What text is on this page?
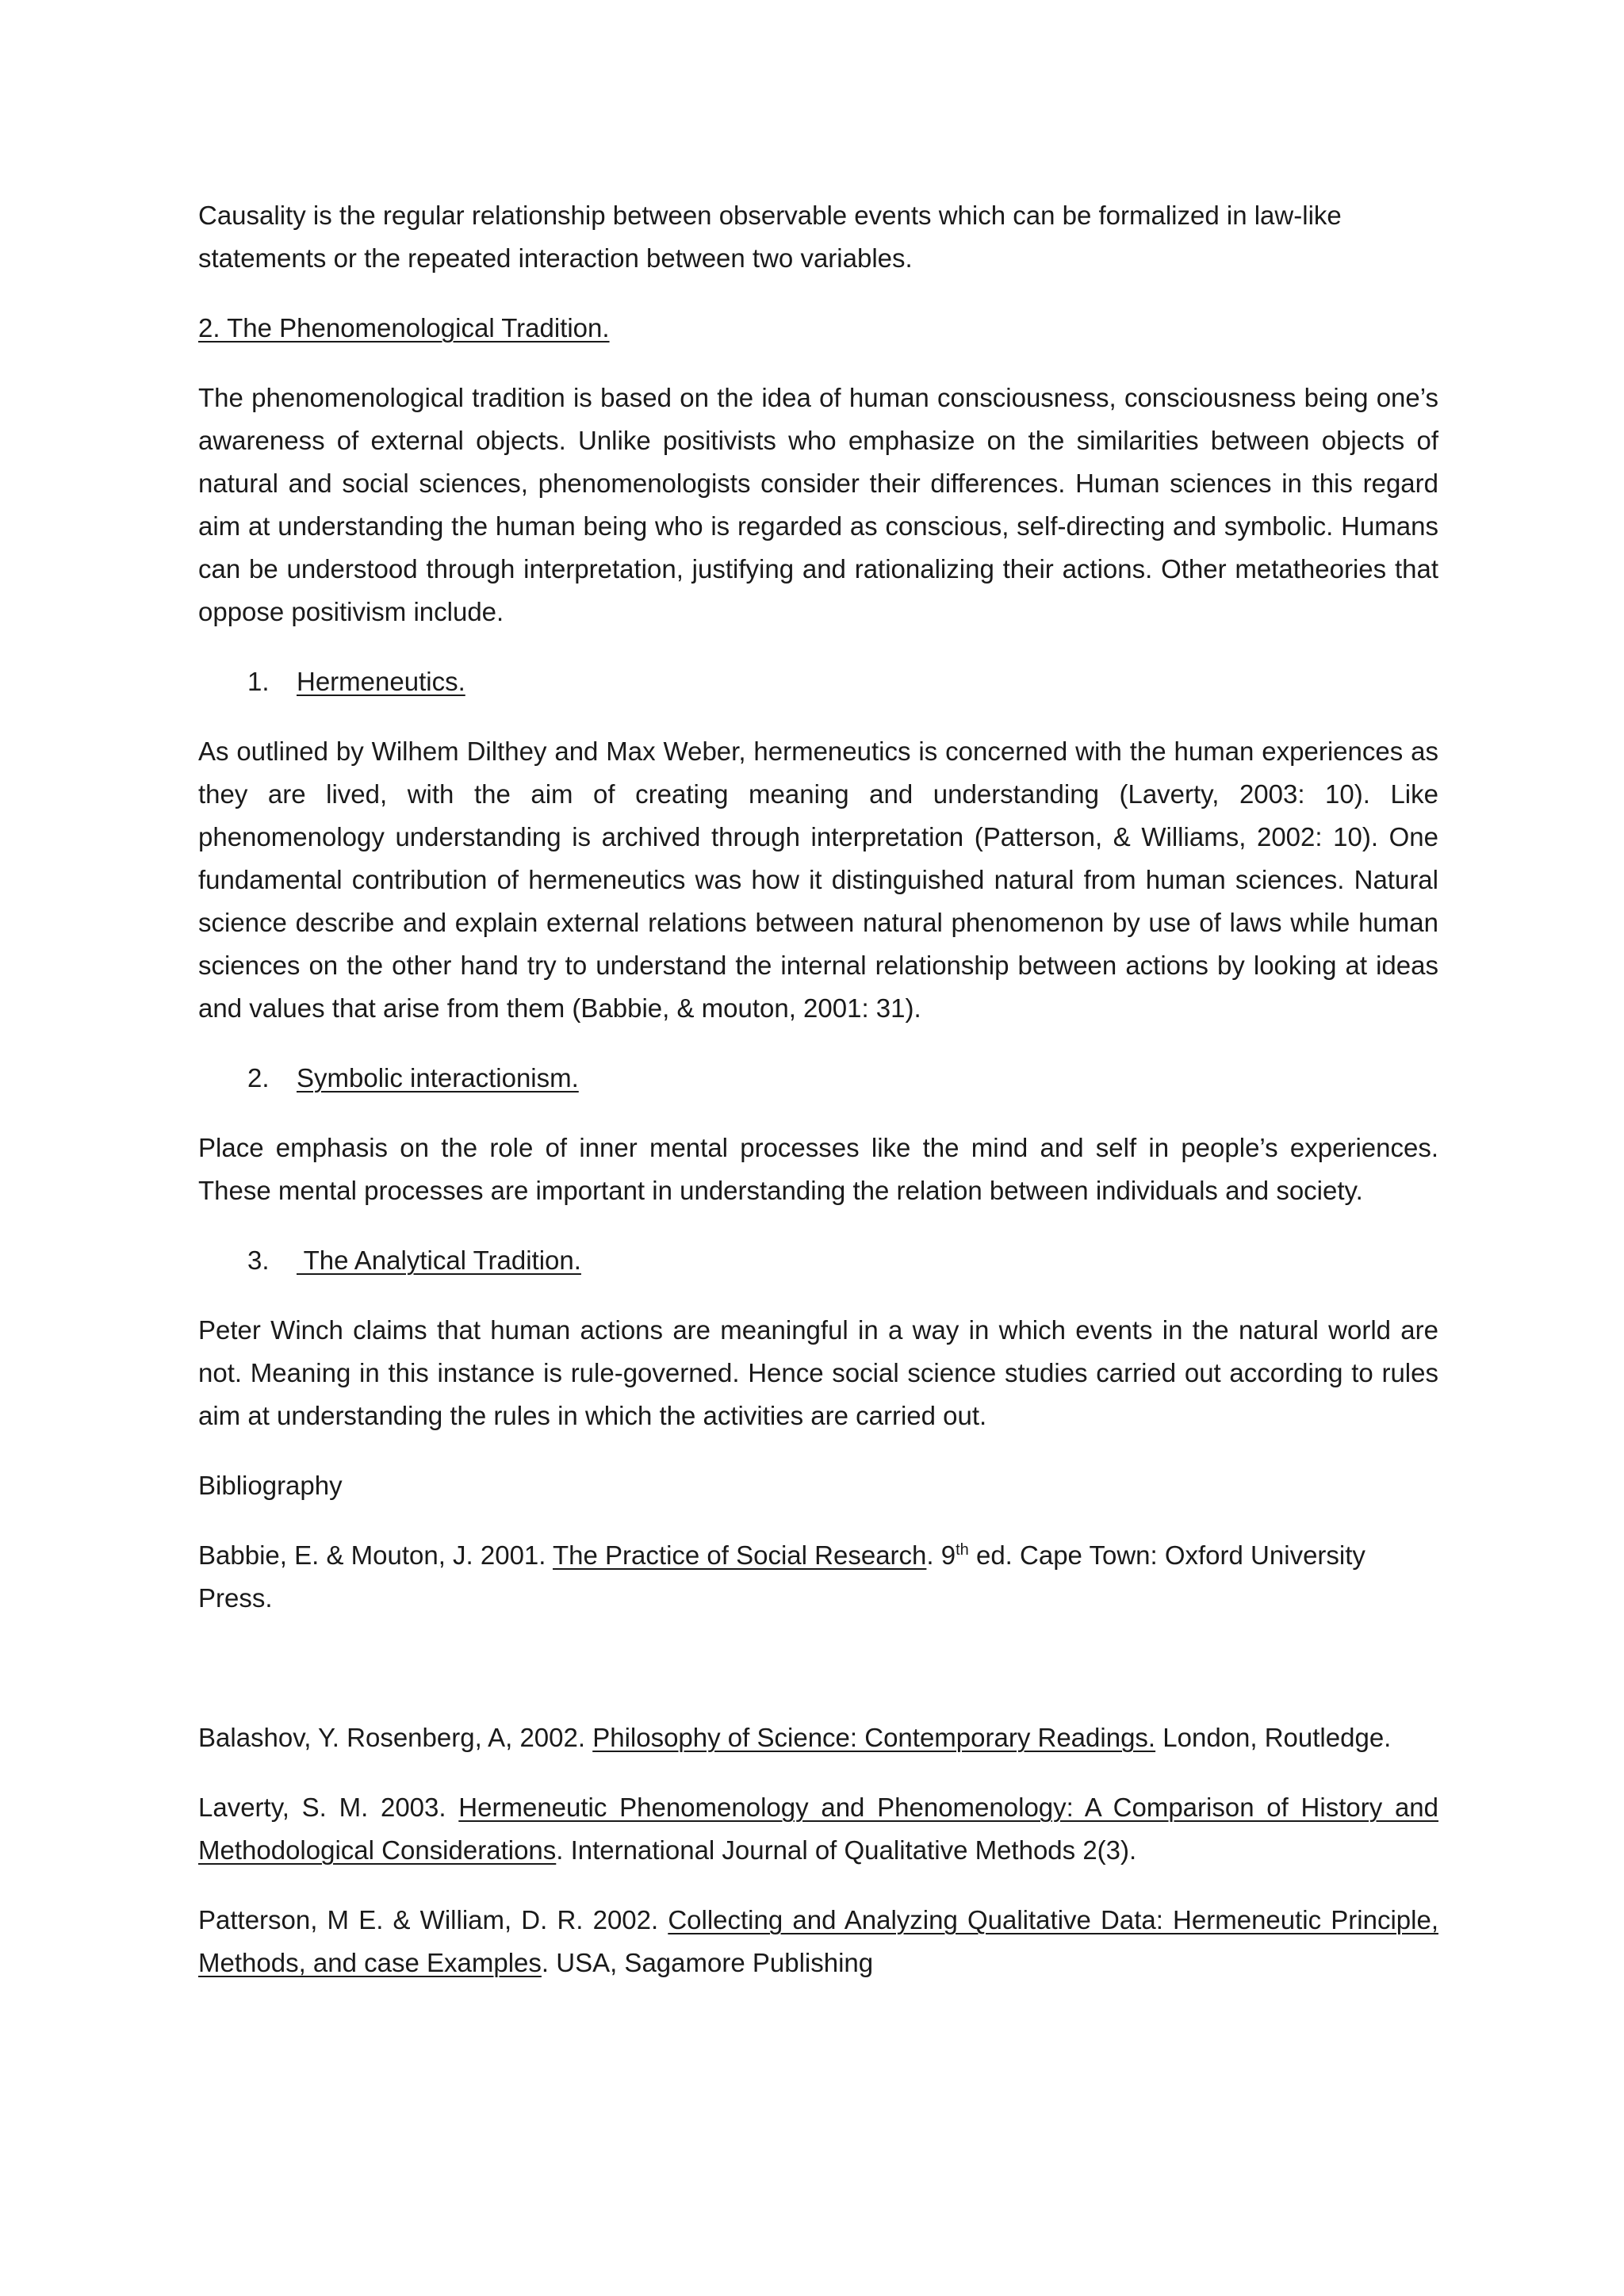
Causality is the regular relationship between observable events which can be formalized in law-like statements or the repeated interaction between two variables.

2. The Phenomenological Tradition.

The phenomenological tradition is based on the idea of human consciousness, consciousness being one’s awareness of external objects. Unlike positivists who emphasize on the similarities between objects of natural and social sciences, phenomenologists consider their differences. Human sciences in this regard aim at understanding the human being who is regarded as conscious, self-directing and symbolic. Humans can be understood through interpretation, justifying and rationalizing their actions. Other metatheories that oppose positivism include.

1. Hermeneutics.

As outlined by Wilhem Dilthey and Max Weber, hermeneutics is concerned with the human experiences as they are lived, with the aim of creating meaning and understanding (Laverty, 2003: 10). Like phenomenology understanding is archived through interpretation (Patterson, & Williams, 2002: 10). One fundamental contribution of hermeneutics was how it distinguished natural from human sciences. Natural science describe and explain external relations between natural phenomenon by use of laws while human sciences on the other hand try to understand the internal relationship between actions by looking at ideas and values that arise from them (Babbie, & mouton, 2001: 31).

2. Symbolic interactionism.

Place emphasis on the role of inner mental processes like the mind and self in people’s experiences. These mental processes are important in understanding the relation between individuals and society.

3. The Analytical Tradition.

Peter Winch claims that human actions are meaningful in a way in which events in the natural world are not. Meaning in this instance is rule-governed. Hence social science studies carried out according to rules aim at understanding the rules in which the activities are carried out.

Bibliography

Babbie, E. & Mouton, J. 2001. The Practice of Social Research. 9th ed. Cape Town: Oxford University Press.

Balashov, Y. Rosenberg, A, 2002. Philosophy of Science: Contemporary Readings. London, Routledge.

Laverty, S. M. 2003. Hermeneutic Phenomenology and Phenomenology: A Comparison of History and Methodological Considerations. International Journal of Qualitative Methods 2(3).

Patterson, M E. & William, D. R. 2002. Collecting and Analyzing Qualitative Data: Hermeneutic Principle, Methods, and case Examples. USA, Sagamore Publishing
